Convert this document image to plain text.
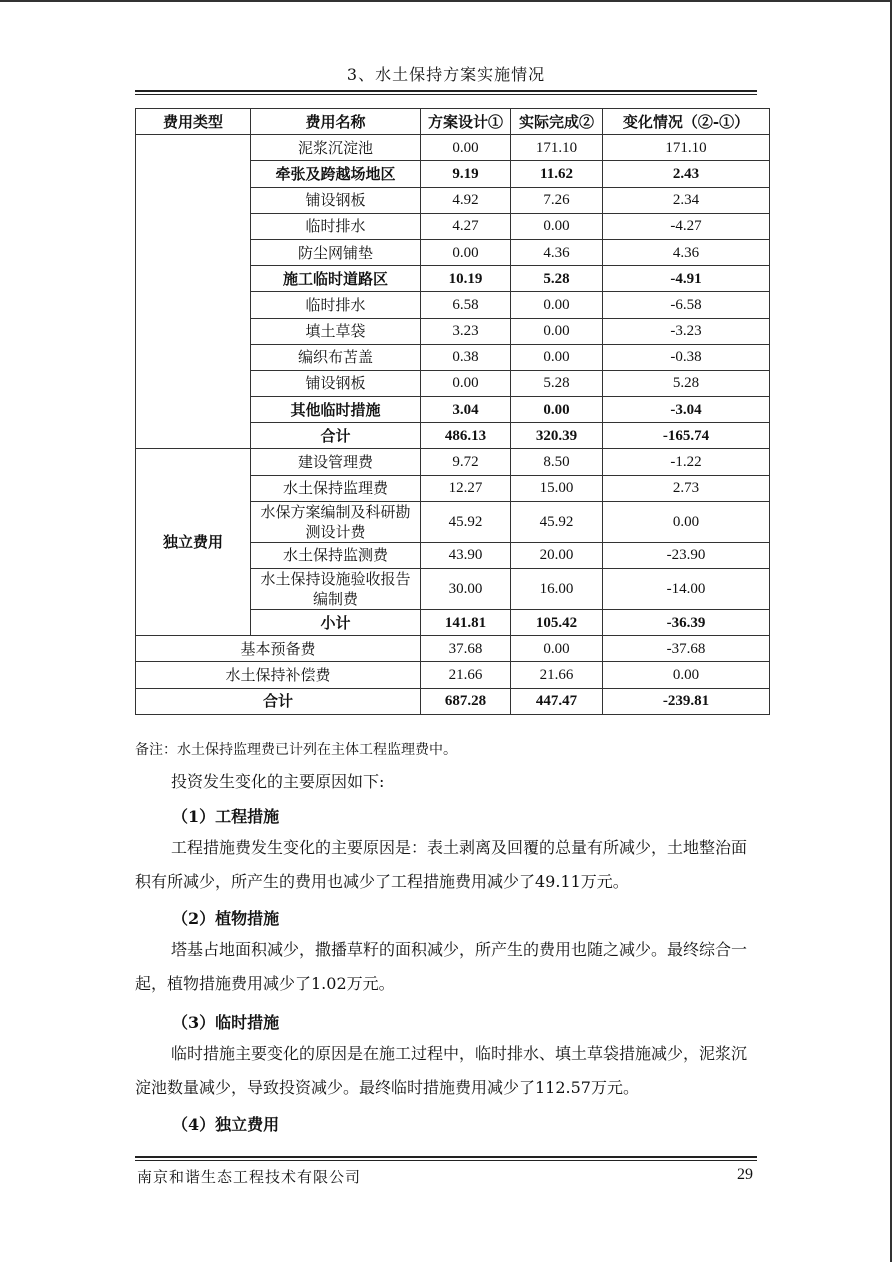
3、水土保持方案实施情况
费用类型	费用名称	方案设计①	实际完成②	变化情况（②-①）
	泥浆沉淀池	0.00	171.10	171.10
	牵张及跨越场地区	9.19	11.62	2.43
	铺设钢板	4.92	7.26	2.34
	临时排水	4.27	0.00	-4.27
	防尘网铺垫	0.00	4.36	4.36
	施工临时道路区	10.19	5.28	-4.91
	临时排水	6.58	0.00	-6.58
	填土草袋	3.23	0.00	-3.23
	编织布苫盖	0.38	0.00	-0.38
	铺设钢板	0.00	5.28	5.28
	其他临时措施	3.04	0.00	-3.04
	合计	486.13	320.39	-165.74
独立费用	建设管理费	9.72	8.50	-1.22
	水土保持监理费	12.27	15.00	2.73
	水保方案编制及科研勘测设计费	45.92	45.92	0.00
	水土保持监测费	43.90	20.00	-23.90
	水土保持设施验收报告编制费	30.00	16.00	-14.00
	小计	141.81	105.42	-36.39
基本预备费		37.68	0.00	-37.68
水土保持补偿费		21.66	21.66	0.00
合计		687.28	447.47	-239.81
备注：水土保持监理费已计列在主体工程监理费中。
投资发生变化的主要原因如下:
（1）工程措施
工程措施费发生变化的主要原因是：表土剥离及回覆的总量有所减少，土地整治面积有所减少，所产生的费用也减少了工程措施费用减少了49.11万元。
（2）植物措施
塔基占地面积减少，撒播草籽的面积减少，所产生的费用也随之减少。最终综合一起，植物措施费用减少了1.02万元。
（3）临时措施
临时措施主要变化的原因是在施工过程中，临时排水、填土草袋措施减少，泥浆沉淀池数量减少，导致投资减少。最终临时措施费用减少了112.57万元。
（4）独立费用
南京和谐生态工程技术有限公司	29
